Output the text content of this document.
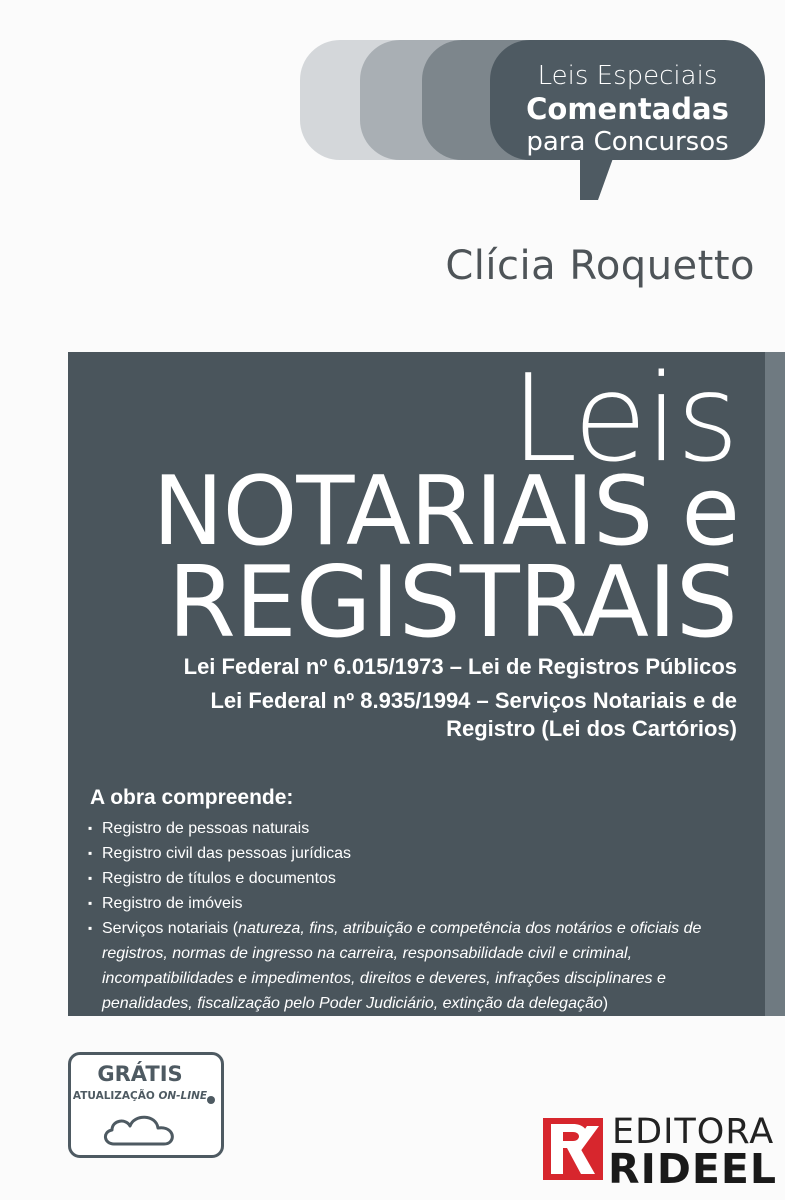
Leis Especiais
Comentadas
para Concursos
Clícia Roquetto
Leis
NOTARIAIS e
REGISTRAIS
Lei Federal nº 6.015/1973 – Lei de Registros Públicos
Lei Federal nº 8.935/1994 – Serviços Notariais e de
Registro (Lei dos Cartórios)
A obra compreende:
▪ Registro de pessoas naturais
▪ Registro civil das pessoas jurídicas
▪ Registro de títulos e documentos
▪ Registro de imóveis
▪ Serviços notariais (natureza, fins, atribuição e competência dos notários e oficiais de registros, normas de ingresso na carreira, responsabilidade civil e criminal, incompatibilidades e impedimentos, direitos e deveres, infrações disciplinares e penalidades, fiscalização pelo Poder Judiciário, extinção da delegação)
GRÁTIS
ATUALIZAÇÃO ON-LINE
EDITORA
RIDEEL
